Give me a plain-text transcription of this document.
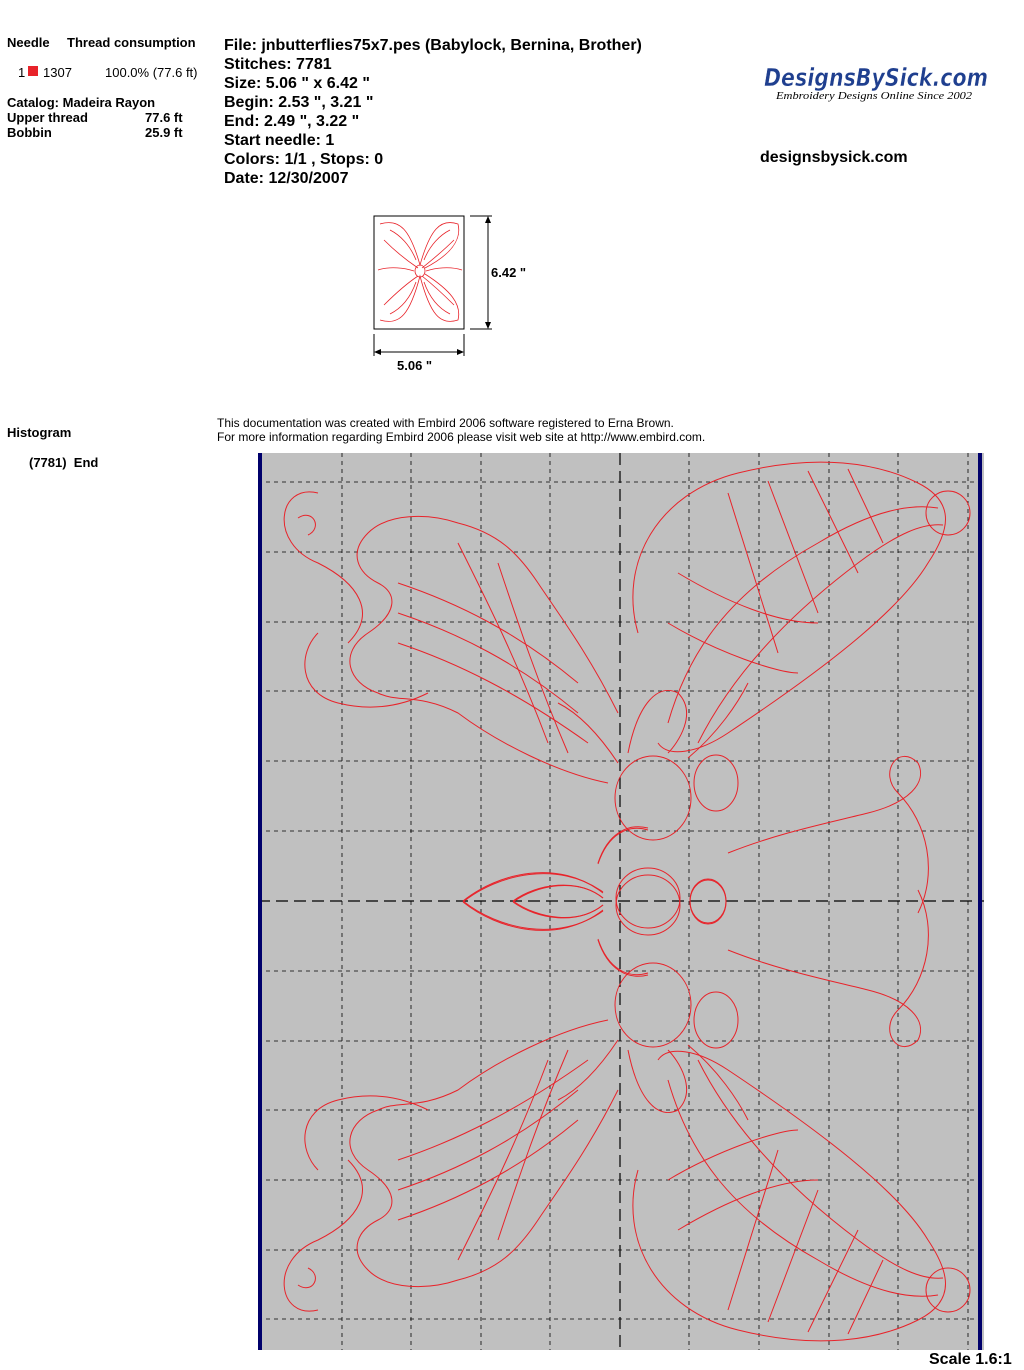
Needle Thread consumption
1 1307	100.0% (77.6 ft)
Catalog: Madeira Rayon
Upper thread	77.6 ft
Bobbin	25.9 ft
Histogram
(7781)  End
File: jnbutterflies75x7.pes (Babylock, Bernina, Brother)
Stitches: 7781
Size: 5.06 " x 6.42 "
Begin: 2.53 ", 3.21 "
End: 2.49 ", 3.22 "
Start needle: 1
Colors: 1/1 , Stops: 0
Date: 12/30/2007
DesignsBySick.com
Embroidery Designs Online Since 2002
designsbysick.com
6.42 "
5.06 "
This documentation was created with Embird 2006 software registered to Erna Brown.
For more information regarding Embird 2006 please visit web site at http://www.embird.com.
Scale 1.6:1
